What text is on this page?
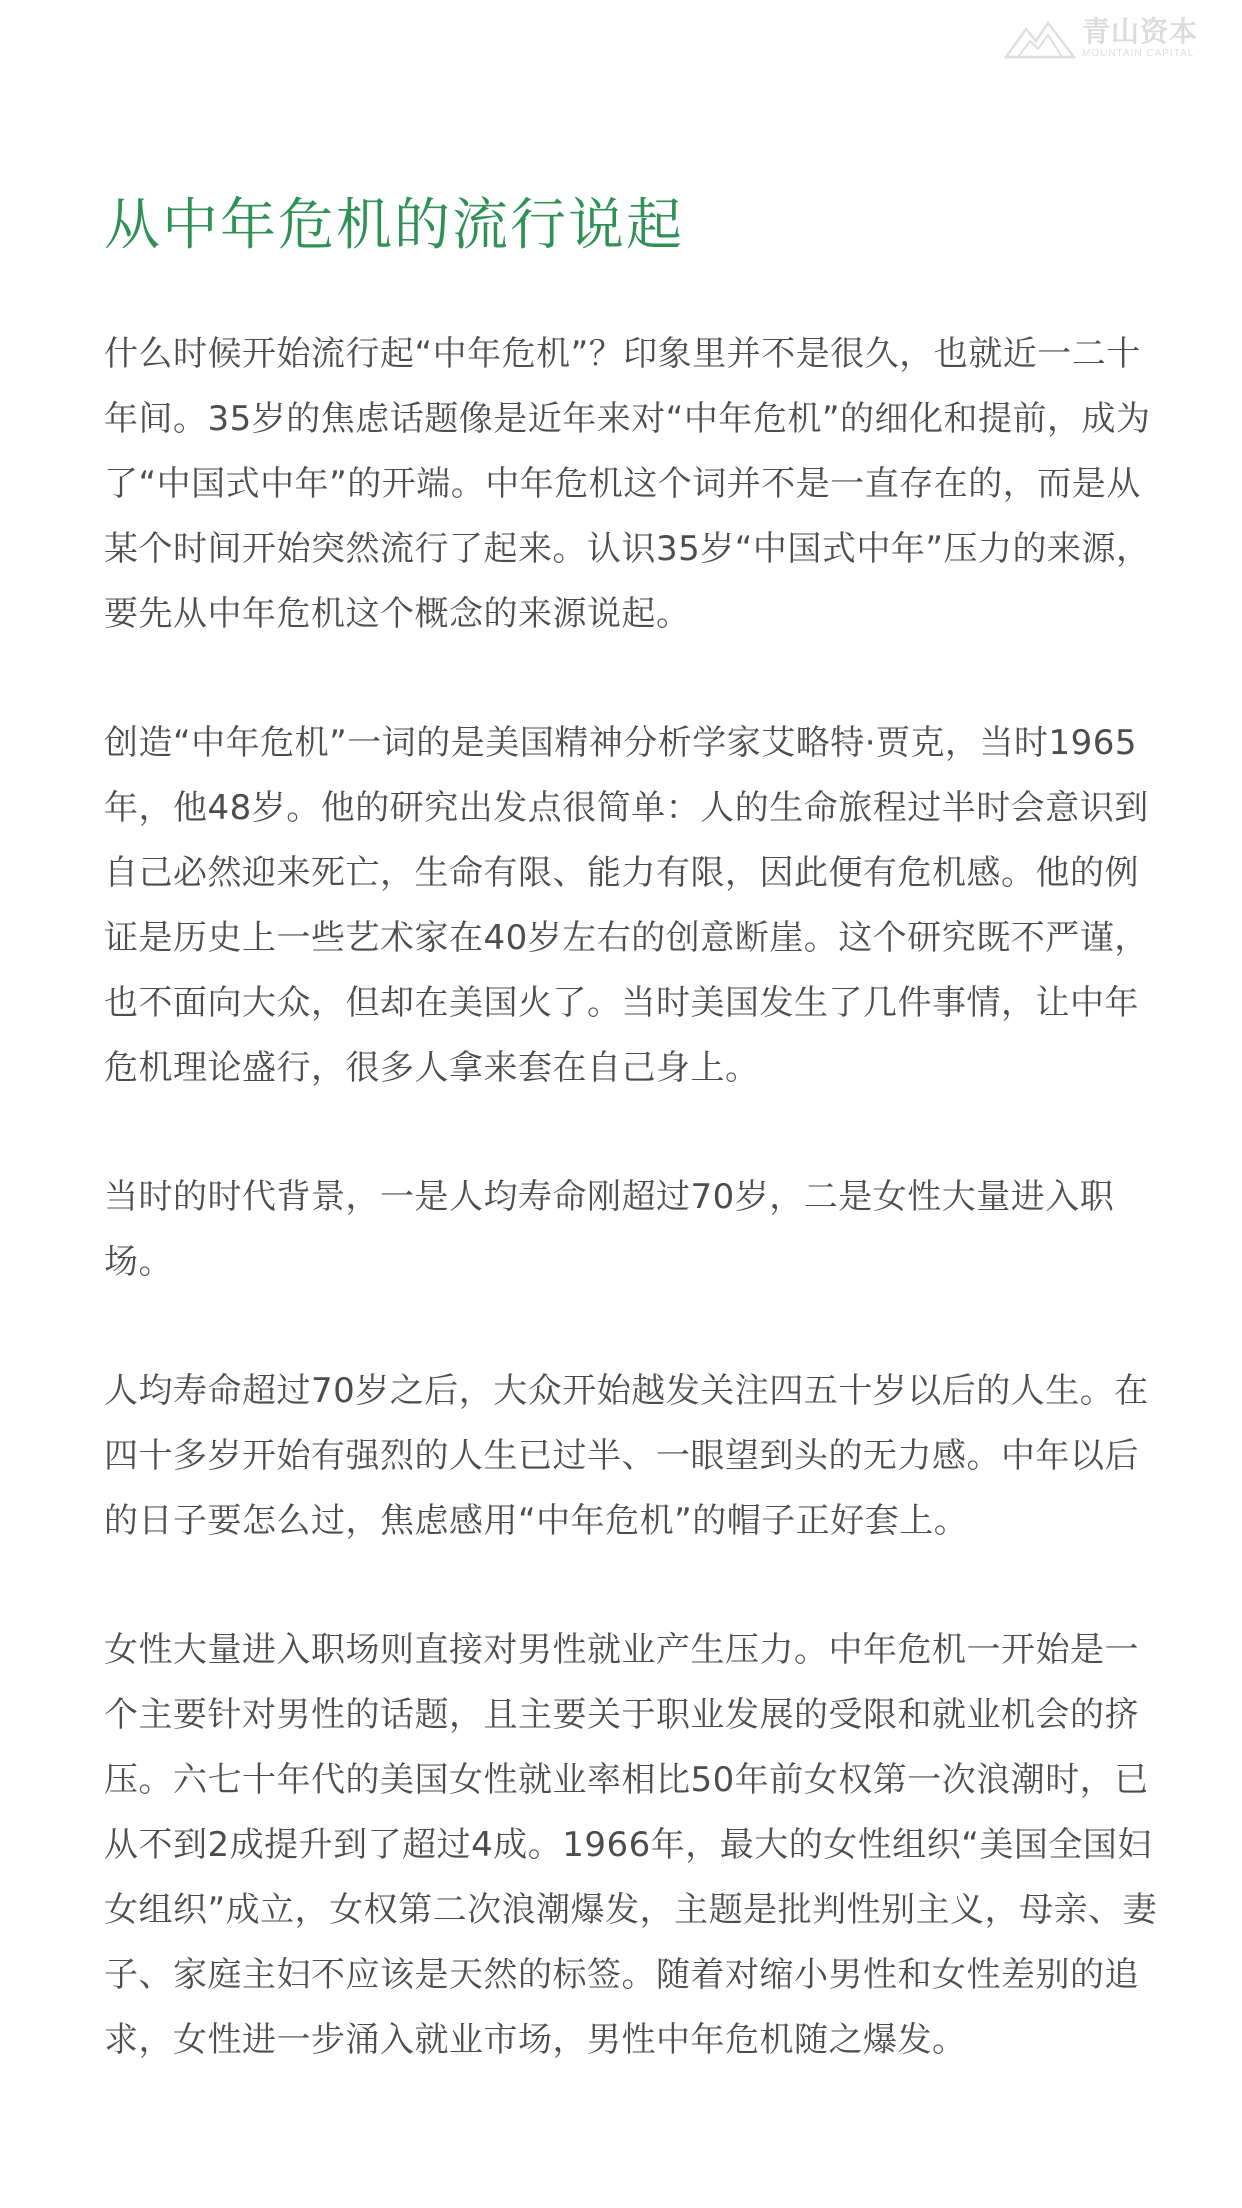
青山资本
MOUNTAIN CAPITAL
从中年危机的流行说起

什么时候开始流行起“中年危机”？印象里并不是很久，也就近一二十年间。35岁的焦虑话题像是近年来对“中年危机”的细化和提前，成为了“中国式中年”的开端。中年危机这个词并不是一直存在的，而是从某个时间开始突然流行了起来。认识35岁“中国式中年”压力的来源，要先从中年危机这个概念的来源说起。

创造“中年危机”一词的是美国精神分析学家艾略特·贾克，当时1965年，他48岁。他的研究出发点很简单：人的生命旅程过半时会意识到自己必然迎来死亡，生命有限、能力有限，因此便有危机感。他的例证是历史上一些艺术家在40岁左右的创意断崖。这个研究既不严谨，也不面向大众，但却在美国火了。当时美国发生了几件事情，让中年危机理论盛行，很多人拿来套在自己身上。

当时的时代背景，一是人均寿命刚超过70岁，二是女性大量进入职场。

人均寿命超过70岁之后，大众开始越发关注四五十岁以后的人生。在四十多岁开始有强烈的人生已过半、一眼望到头的无力感。中年以后的日子要怎么过，焦虑感用“中年危机”的帽子正好套上。

女性大量进入职场则直接对男性就业产生压力。中年危机一开始是一个主要针对男性的话题，且主要关于职业发展的受限和就业机会的挤压。六七十年代的美国女性就业率相比50年前女权第一次浪潮时，已从不到2成提升到了超过4成。1966年，最大的女性组织“美国全国妇女组织”成立，女权第二次浪潮爆发，主题是批判性别主义，母亲、妻子、家庭主妇不应该是天然的标签。随着对缩小男性和女性差别的追求，女性进一步涌入就业市场，男性中年危机随之爆发。
